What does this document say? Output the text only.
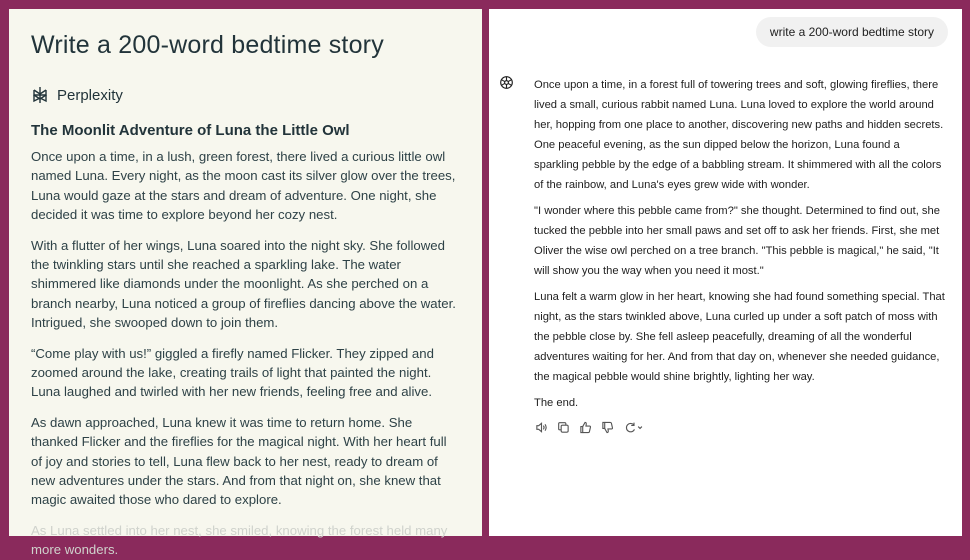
Write a 200-word bedtime story
Perplexity
The Moonlit Adventure of Luna the Little Owl

Once upon a time, in a lush, green forest, there lived a curious little owl named Luna. Every night, as the moon cast its silver glow over the trees, Luna would gaze at the stars and dream of adventure. One night, she decided it was time to explore beyond her cozy nest.

With a flutter of her wings, Luna soared into the night sky. She followed the twinkling stars until she reached a sparkling lake. The water shimmered like diamonds under the moonlight. As she perched on a branch nearby, Luna noticed a group of fireflies dancing above the water. Intrigued, she swooped down to join them.

“Come play with us!” giggled a firefly named Flicker. They zipped and zoomed around the lake, creating trails of light that painted the night. Luna laughed and twirled with her new friends, feeling free and alive.

As dawn approached, Luna knew it was time to return home. She thanked Flicker and the fireflies for the magical night. With her heart full of joy and stories to tell, Luna flew back to her nest, ready to dream of new adventures under the stars. And from that night on, she knew that magic awaited those who dared to explore.

As Luna settled into her nest, she smiled, knowing the forest held many more wonders.

write a 200-word bedtime story

Once upon a time, in a forest full of towering trees and soft, glowing fireflies, there lived a small, curious rabbit named Luna. Luna loved to explore the world around her, hopping from one place to another, discovering new paths and hidden secrets. One peaceful evening, as the sun dipped below the horizon, Luna found a sparkling pebble by the edge of a babbling stream. It shimmered with all the colors of the rainbow, and Luna's eyes grew wide with wonder.

"I wonder where this pebble came from?" she thought. Determined to find out, she tucked the pebble into her small paws and set off to ask her friends. First, she met Oliver the wise owl perched on a tree branch. "This pebble is magical," he said, "It will show you the way when you need it most."

Luna felt a warm glow in her heart, knowing she had found something special. That night, as the stars twinkled above, Luna curled up under a soft patch of moss with the pebble close by. She fell asleep peacefully, dreaming of all the wonderful adventures waiting for her. And from that day on, whenever she needed guidance, the magical pebble would shine brightly, lighting her way.

The end.
